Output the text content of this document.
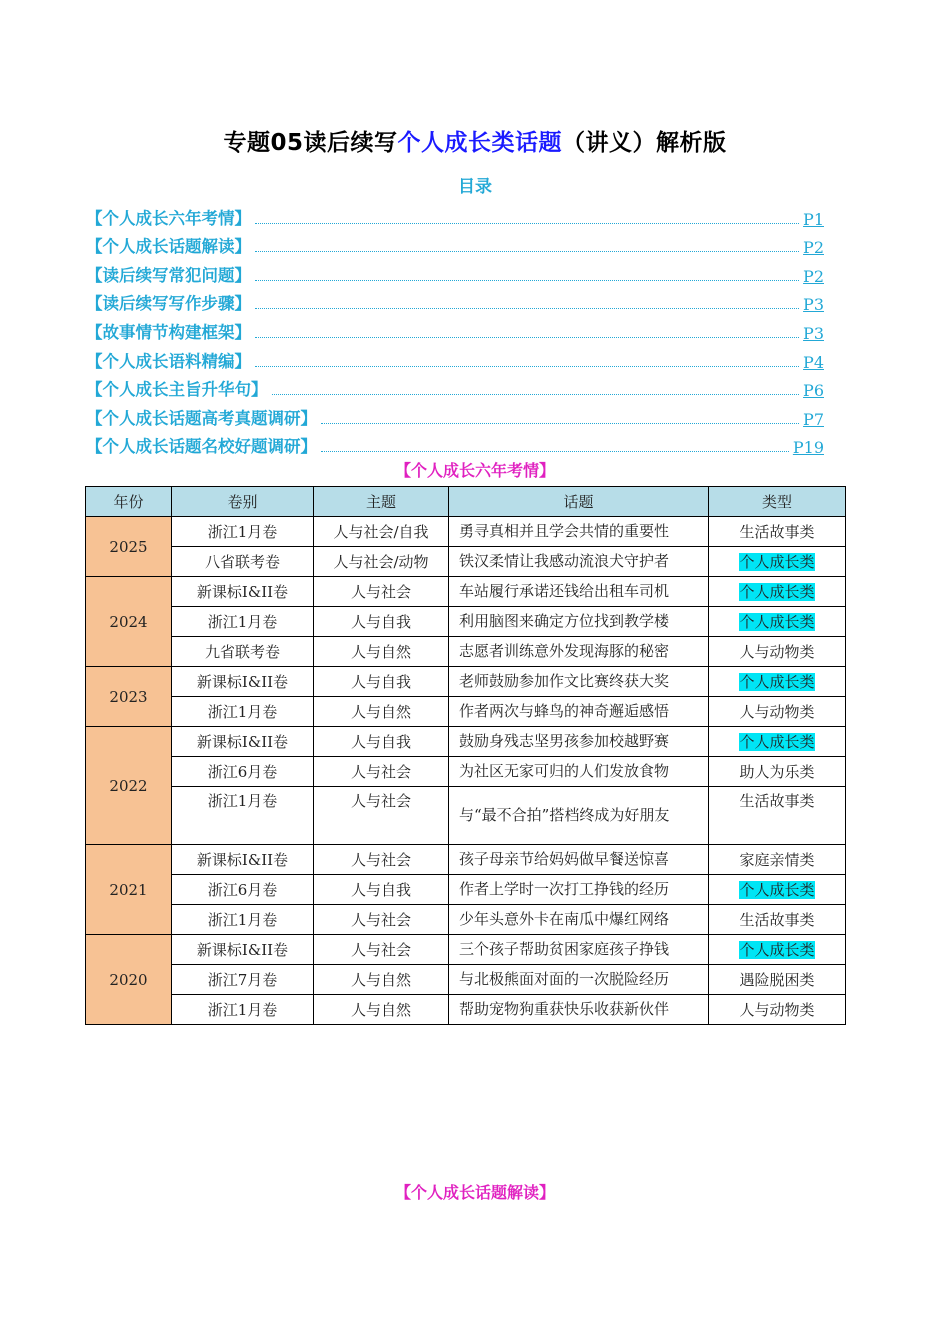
专题05读后续写个人成长类话题（讲义）解析版
目录
【个人成长六年考情】	P1
【个人成长话题解读】	P2
【读后续写常犯问题】	P2
【读后续写写作步骤】	P3
【故事情节构建框架】	P3
【个人成长语料精编】	P4
【个人成长主旨升华句】	P6
【个人成长话题高考真题调研】	P7
【个人成长话题名校好题调研】	P19
【个人成长六年考情】
年份	卷别	主题	话题	类型
2025	浙江1月卷	人与社会/自我	勇寻真相并且学会共情的重要性	生活故事类
	八省联考卷	人与社会/动物	铁汉柔情让我感动流浪犬守护者	个人成长类
2024	新课标I&II卷	人与社会	车站履行承诺还钱给出租车司机	个人成长类
	浙江1月卷	人与自我	利用脑图来确定方位找到教学楼	个人成长类
	九省联考卷	人与自然	志愿者训练意外发现海豚的秘密	人与动物类
2023	新课标I&II卷	人与自我	老师鼓励参加作文比赛终获大奖	个人成长类
	浙江1月卷	人与自然	作者两次与蜂鸟的神奇邂逅感悟	人与动物类
2022	新课标I&II卷	人与自我	鼓励身残志坚男孩参加校越野赛	个人成长类
	浙江6月卷	人与社会	为社区无家可归的人们发放食物	助人为乐类
	浙江1月卷	人与社会	与“最不合拍”搭档终成为好朋友	生活故事类
2021	新课标I&II卷	人与社会	孩子母亲节给妈妈做早餐送惊喜	家庭亲情类
	浙江6月卷	人与自我	作者上学时一次打工挣钱的经历	个人成长类
	浙江1月卷	人与社会	少年头意外卡在南瓜中爆红网络	生活故事类
2020	新课标I&II卷	人与社会	三个孩子帮助贫困家庭孩子挣钱	个人成长类
	浙江7月卷	人与自然	与北极熊面对面的一次脱险经历	遇险脱困类
	浙江1月卷	人与自然	帮助宠物狗重获快乐收获新伙伴	人与动物类
【个人成长话题解读】
